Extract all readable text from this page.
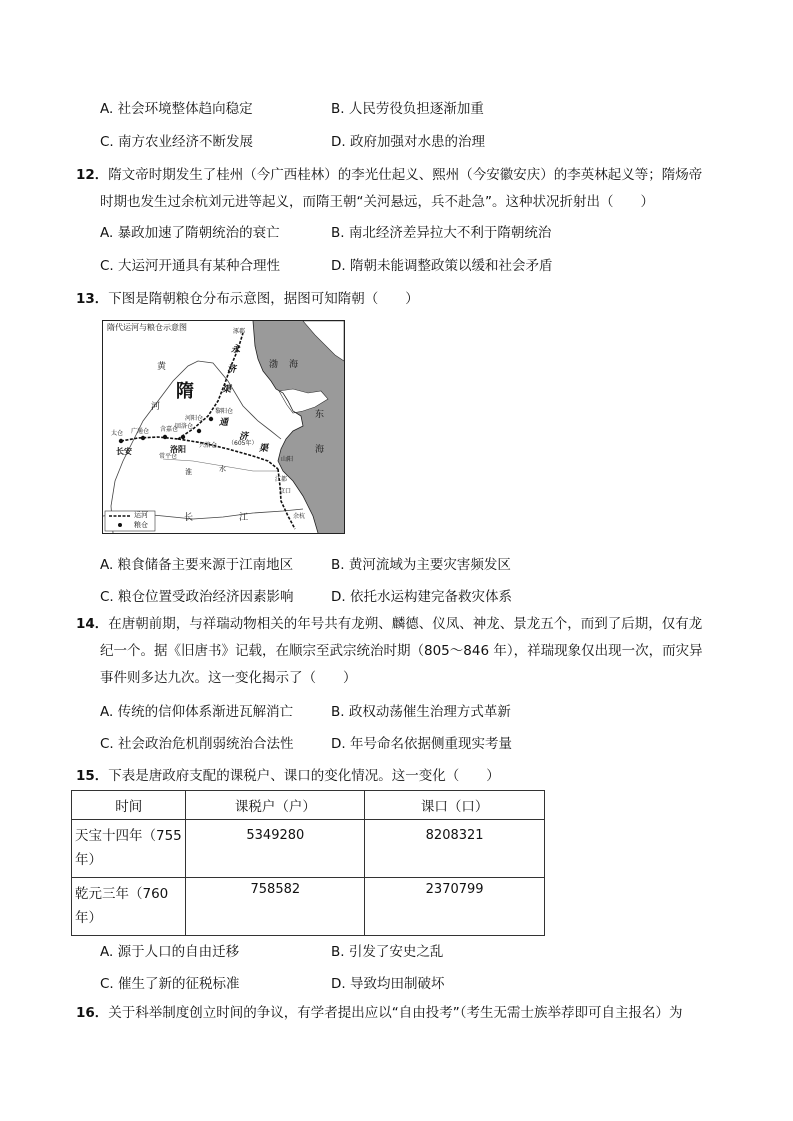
A. 社会环境整体趋向稳定	B. 人民劳役负担逐渐加重
C. 南方农业经济不断发展	D. 政府加强对水患的治理
12．隋文帝时期发生了桂州（今广西桂林）的李光仕起义、熙州（今安徽安庆）的李英林起义等；隋炀帝
时期也发生过余杭刘元进等起义，而隋王朝“关河悬远，兵不赴急”。这种状况折射出（　　）
A. 暴政加速了隋朝统治的衰亡	B. 南北经济差异拉大不利于隋朝统治
C. 大运河开通具有某种合理性	D. 隋朝未能调整政策以缓和社会矛盾
13．下图是隋朝粮仓分布示意图，据图可知隋朝（　　）
隋代运河与粮仓示意图
隋
渤 海
东
海
黄
河
永
济
渠
通
济
渠
长	江
长安	洛阳
涿郡
太仓
黎阳仓
河阳仓
回洛仓
含嘉仓
兴洛仓
常平仓
广通仓
（605年）
山阳
江都
京口
余杭
淮	水
运河
粮仓
A. 粮食储备主要来源于江南地区	B. 黄河流域为主要灾害频发区
C. 粮仓位置受政治经济因素影响	D. 依托水运构建完备救灾体系
14．在唐朝前期，与祥瑞动物相关的年号共有龙朔、麟德、仪凤、神龙、景龙五个，而到了后期，仅有龙
纪一个。据《旧唐书》记载，在顺宗至武宗统治时期（805～846 年），祥瑞现象仅出现一次，而灾异
事件则多达九次。这一变化揭示了（　　）
A. 传统的信仰体系渐进瓦解消亡	B. 政权动荡催生治理方式革新
C. 社会政治危机削弱统治合法性	D. 年号命名依据侧重现实考量
15．下表是唐政府支配的课税户、课口的变化情况。这一变化（　　）
时间	课税户（户）	课口（口）

天宝十四年（755 年）	5349280	8208321

乾元三年（760 年）	758582	2370799
A. 源于人口的自由迁移	B. 引发了安史之乱
C. 催生了新的征税标准	D. 导致均田制破坏
16．关于科举制度创立时间的争议，有学者提出应以“自由投考”（考生无需士族举荐即可自主报名）为
